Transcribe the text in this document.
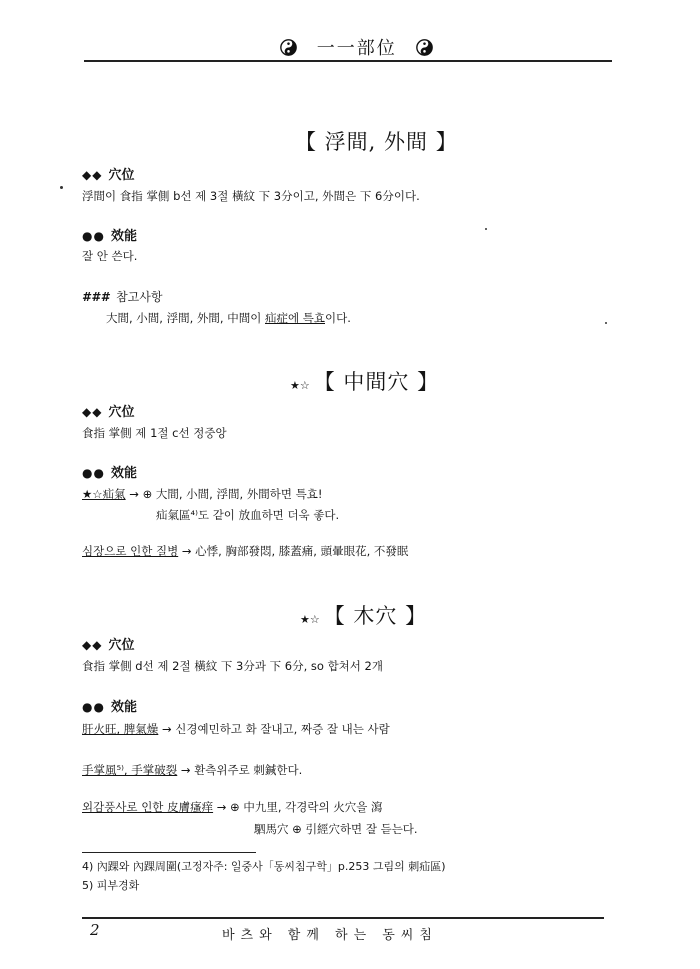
一一部位
【 浮間, 外間 】
◆◆ 穴位
浮間이 食指 掌側 b선 제 3절 橫紋 下 3分이고, 外間은 下 6分이다.
●● 效能
잘 안 쓴다.
### 참고사항
大間, 小間, 浮間, 外間, 中間이 疝症에 특효이다.
★☆ 【 中間穴 】
◆◆ 穴位
食指 掌側 제 1절 c선 정중앙
●● 效能
★☆疝氣 → ⊕ 大間, 小間, 浮間, 外間하면 특효!
疝氣區⁴⁾도 같이 放血하면 더욱 좋다.
심장으로 인한 질병 → 心悸, 胸部發悶, 膝蓋痛, 頭暈眼花, 不發眠
★☆ 【 木穴 】
◆◆ 穴位
食指 掌側 d선 제 2절 橫紋 下 3分과 下 6分, so 합쳐서 2개
●● 效能
肝火旺, 脾氣燥 → 신경예민하고 화 잘내고, 짜증 잘 내는 사람
手掌風⁵⁾, 手掌破裂 → 환측위주로 刺鍼한다.
외감풍사로 인한 皮膚瘙痒 → ⊕ 中九里, 각경락의 火穴을 瀉
駟馬穴 ⊕ 引經穴하면 잘 듣는다.
4) 內踝와 內踝周圍(고정자주: 일중사「동씨침구학」p.253 그림의 刺疝區)
5) 피부경화
2	바츠와 함께 하는 동씨침
